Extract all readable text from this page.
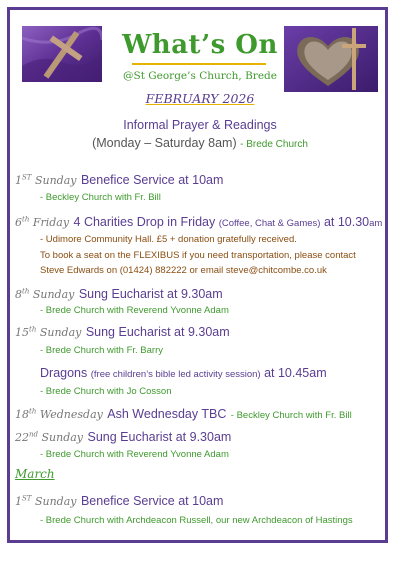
What’s On
@St George’s Church, Brede
FEBRUARY 2026
Informal Prayer & Readings
(Monday – Saturday 8am) - Brede Church
1ST Sunday Benefice Service at 10am
- Beckley Church with Fr. Bill
6th Friday 4 Charities Drop in Friday (Coffee, Chat & Games) at 10.30am
- Udimore Community Hall. £5 + donation gratefully received.
To book a seat on the FLEXIBUS if you need transportation, please contact
Steve Edwards on (01424) 882222 or email steve@chitcombe.co.uk
8th Sunday Sung Eucharist at 9.30am
- Brede Church with Reverend Yvonne Adam
15th Sunday Sung Eucharist at 9.30am
- Brede Church with Fr. Barry
Dragons (free children’s bible led activity session) at 10.45am
- Brede Church with Jo Cosson
18th Wednesday Ash Wednesday TBC - Beckley Church with Fr. Bill
22nd Sunday Sung Eucharist at 9.30am
- Brede Church with Reverend Yvonne Adam
March
1ST Sunday Benefice Service at 10am
- Brede Church with Archdeacon Russell, our new Archdeacon of Hastings
